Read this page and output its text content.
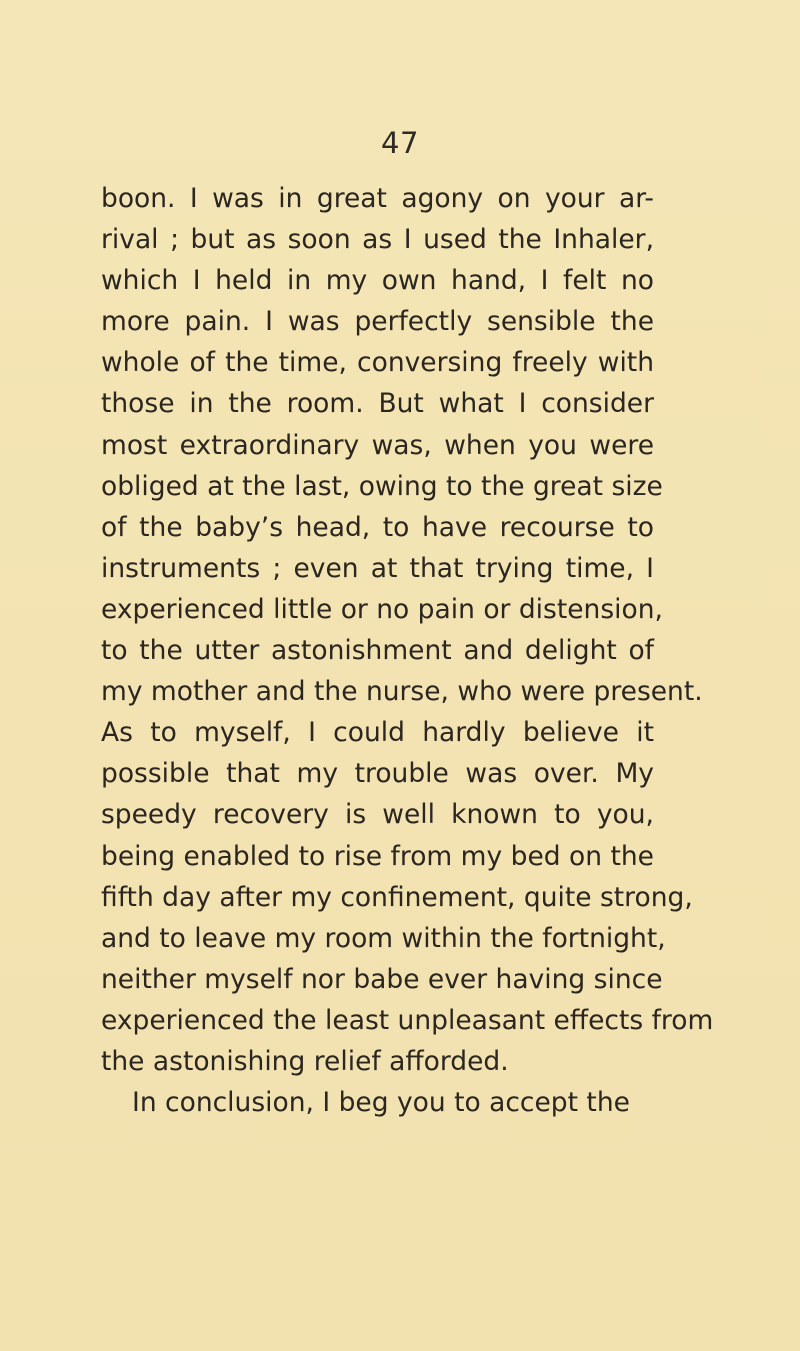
47
boon. I was in great agony on your ar-
rival ; but as soon as I used the Inhaler,
which I held in my own hand, I felt no
more pain. I was perfectly sensible the
whole of the time, conversing freely with
those in the room. But what I consider
most extraordinary was, when you were
obliged at the last, owing to the great size
of the baby’s head, to have recourse to
instruments ; even at that trying time, I
experienced little or no pain or distension,
to the utter astonishment and delight of
my mother and the nurse, who were present.
As to myself, I could hardly believe it
possible that my trouble was over. My
speedy recovery is well known to you,
being enabled to rise from my bed on the
fifth day after my confinement, quite strong,
and to leave my room within the fortnight,
neither myself nor babe ever having since
experienced the least unpleasant effects from
the astonishing relief afforded.
In conclusion, I beg you to accept the
